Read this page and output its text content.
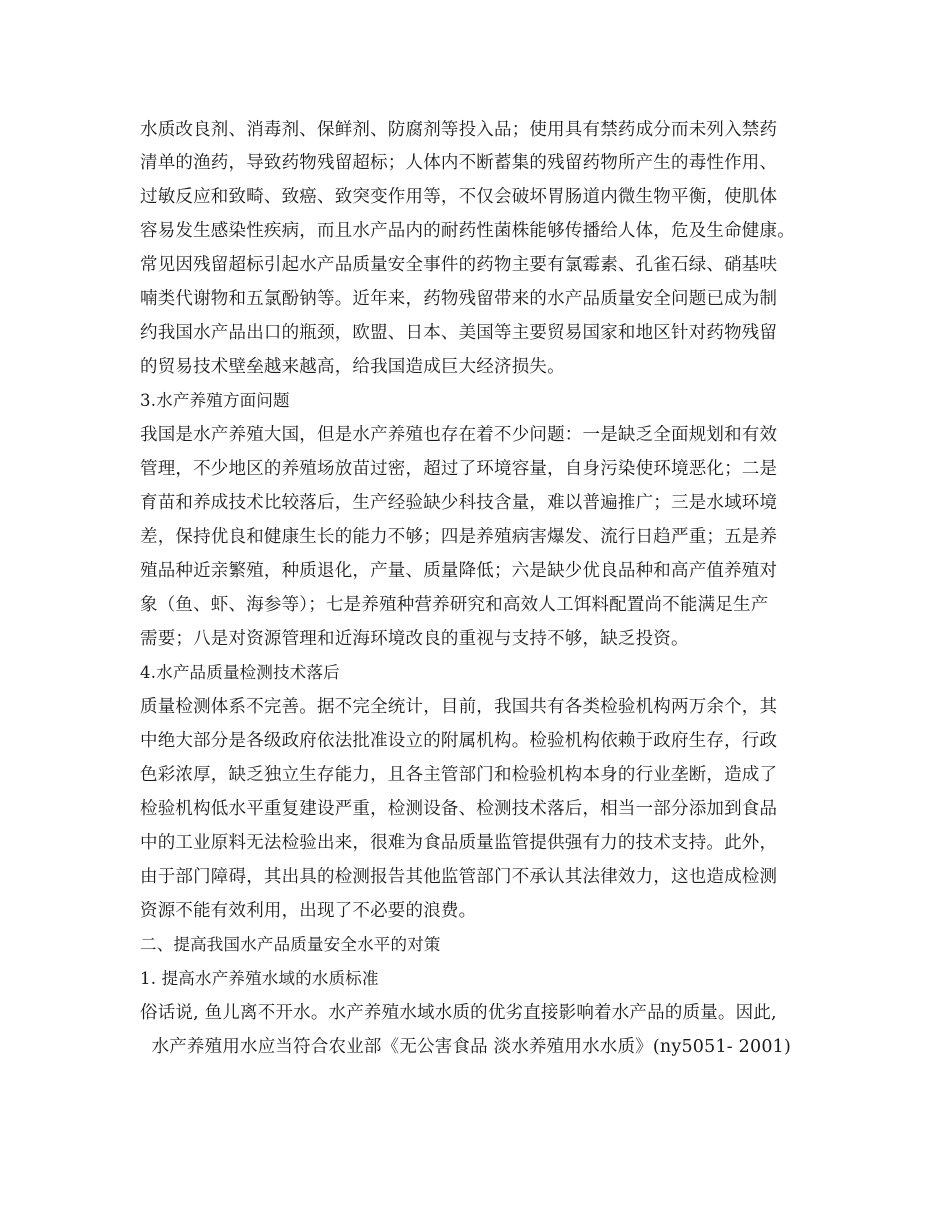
水质改良剂、消毒剂、保鲜剂、防腐剂等投入品；使用具有禁药成分而未列入禁药

清单的渔药，导致药物残留超标；人体内不断蓄集的残留药物所产生的毒性作用、

过敏反应和致畸、致癌、致突变作用等，不仅会破坏胃肠道内微生物平衡，使肌体

容易发生感染性疾病，而且水产品内的耐药性菌株能够传播给人体，危及生命健康。

常见因残留超标引起水产品质量安全事件的药物主要有氯霉素、孔雀石绿、硝基呋

喃类代谢物和五氯酚钠等。近年来，药物残留带来的水产品质量安全问题已成为制

约我国水产品出口的瓶颈，欧盟、日本、美国等主要贸易国家和地区针对药物残留

的贸易技术壁垒越来越高，给我国造成巨大经济损失。

3.水产养殖方面问题

我国是水产养殖大国，但是水产养殖也存在着不少问题：一是缺乏全面规划和有效

管理，不少地区的养殖场放苗过密，超过了环境容量，自身污染使环境恶化；二是

育苗和养成技术比较落后，生产经验缺少科技含量，难以普遍推广；三是水域环境

差，保持优良和健康生长的能力不够；四是养殖病害爆发、流行日趋严重；五是养

殖品种近亲繁殖，种质退化，产量、质量降低；六是缺少优良品种和高产值养殖对

象（鱼、虾、海参等）；七是养殖种营养研究和高效人工饵料配置尚不能满足生产

需要；八是对资源管理和近海环境改良的重视与支持不够，缺乏投资。

4.水产品质量检测技术落后

质量检测体系不完善。据不完全统计，目前，我国共有各类检验机构两万余个，其

中绝大部分是各级政府依法批准设立的附属机构。检验机构依赖于政府生存，行政

色彩浓厚，缺乏独立生存能力，且各主管部门和检验机构本身的行业垄断，造成了

检验机构低水平重复建设严重，检测设备、检测技术落后，相当一部分添加到食品

中的工业原料无法检验出来，很难为食品质量监管提供强有力的技术支持。此外，

由于部门障碍，其出具的检测报告其他监管部门不承认其法律效力，这也造成检测

资源不能有效利用，出现了不必要的浪费。

二、提高我国水产品质量安全水平的对策

1. 提高水产养殖水域的水质标准

俗话说, 鱼儿离不开水。水产养殖水域水质的优劣直接影响着水产品的质量。因此,

水产养殖用水应当符合农业部《无公害食品 淡水养殖用水水质》(ny5051- 2001)
